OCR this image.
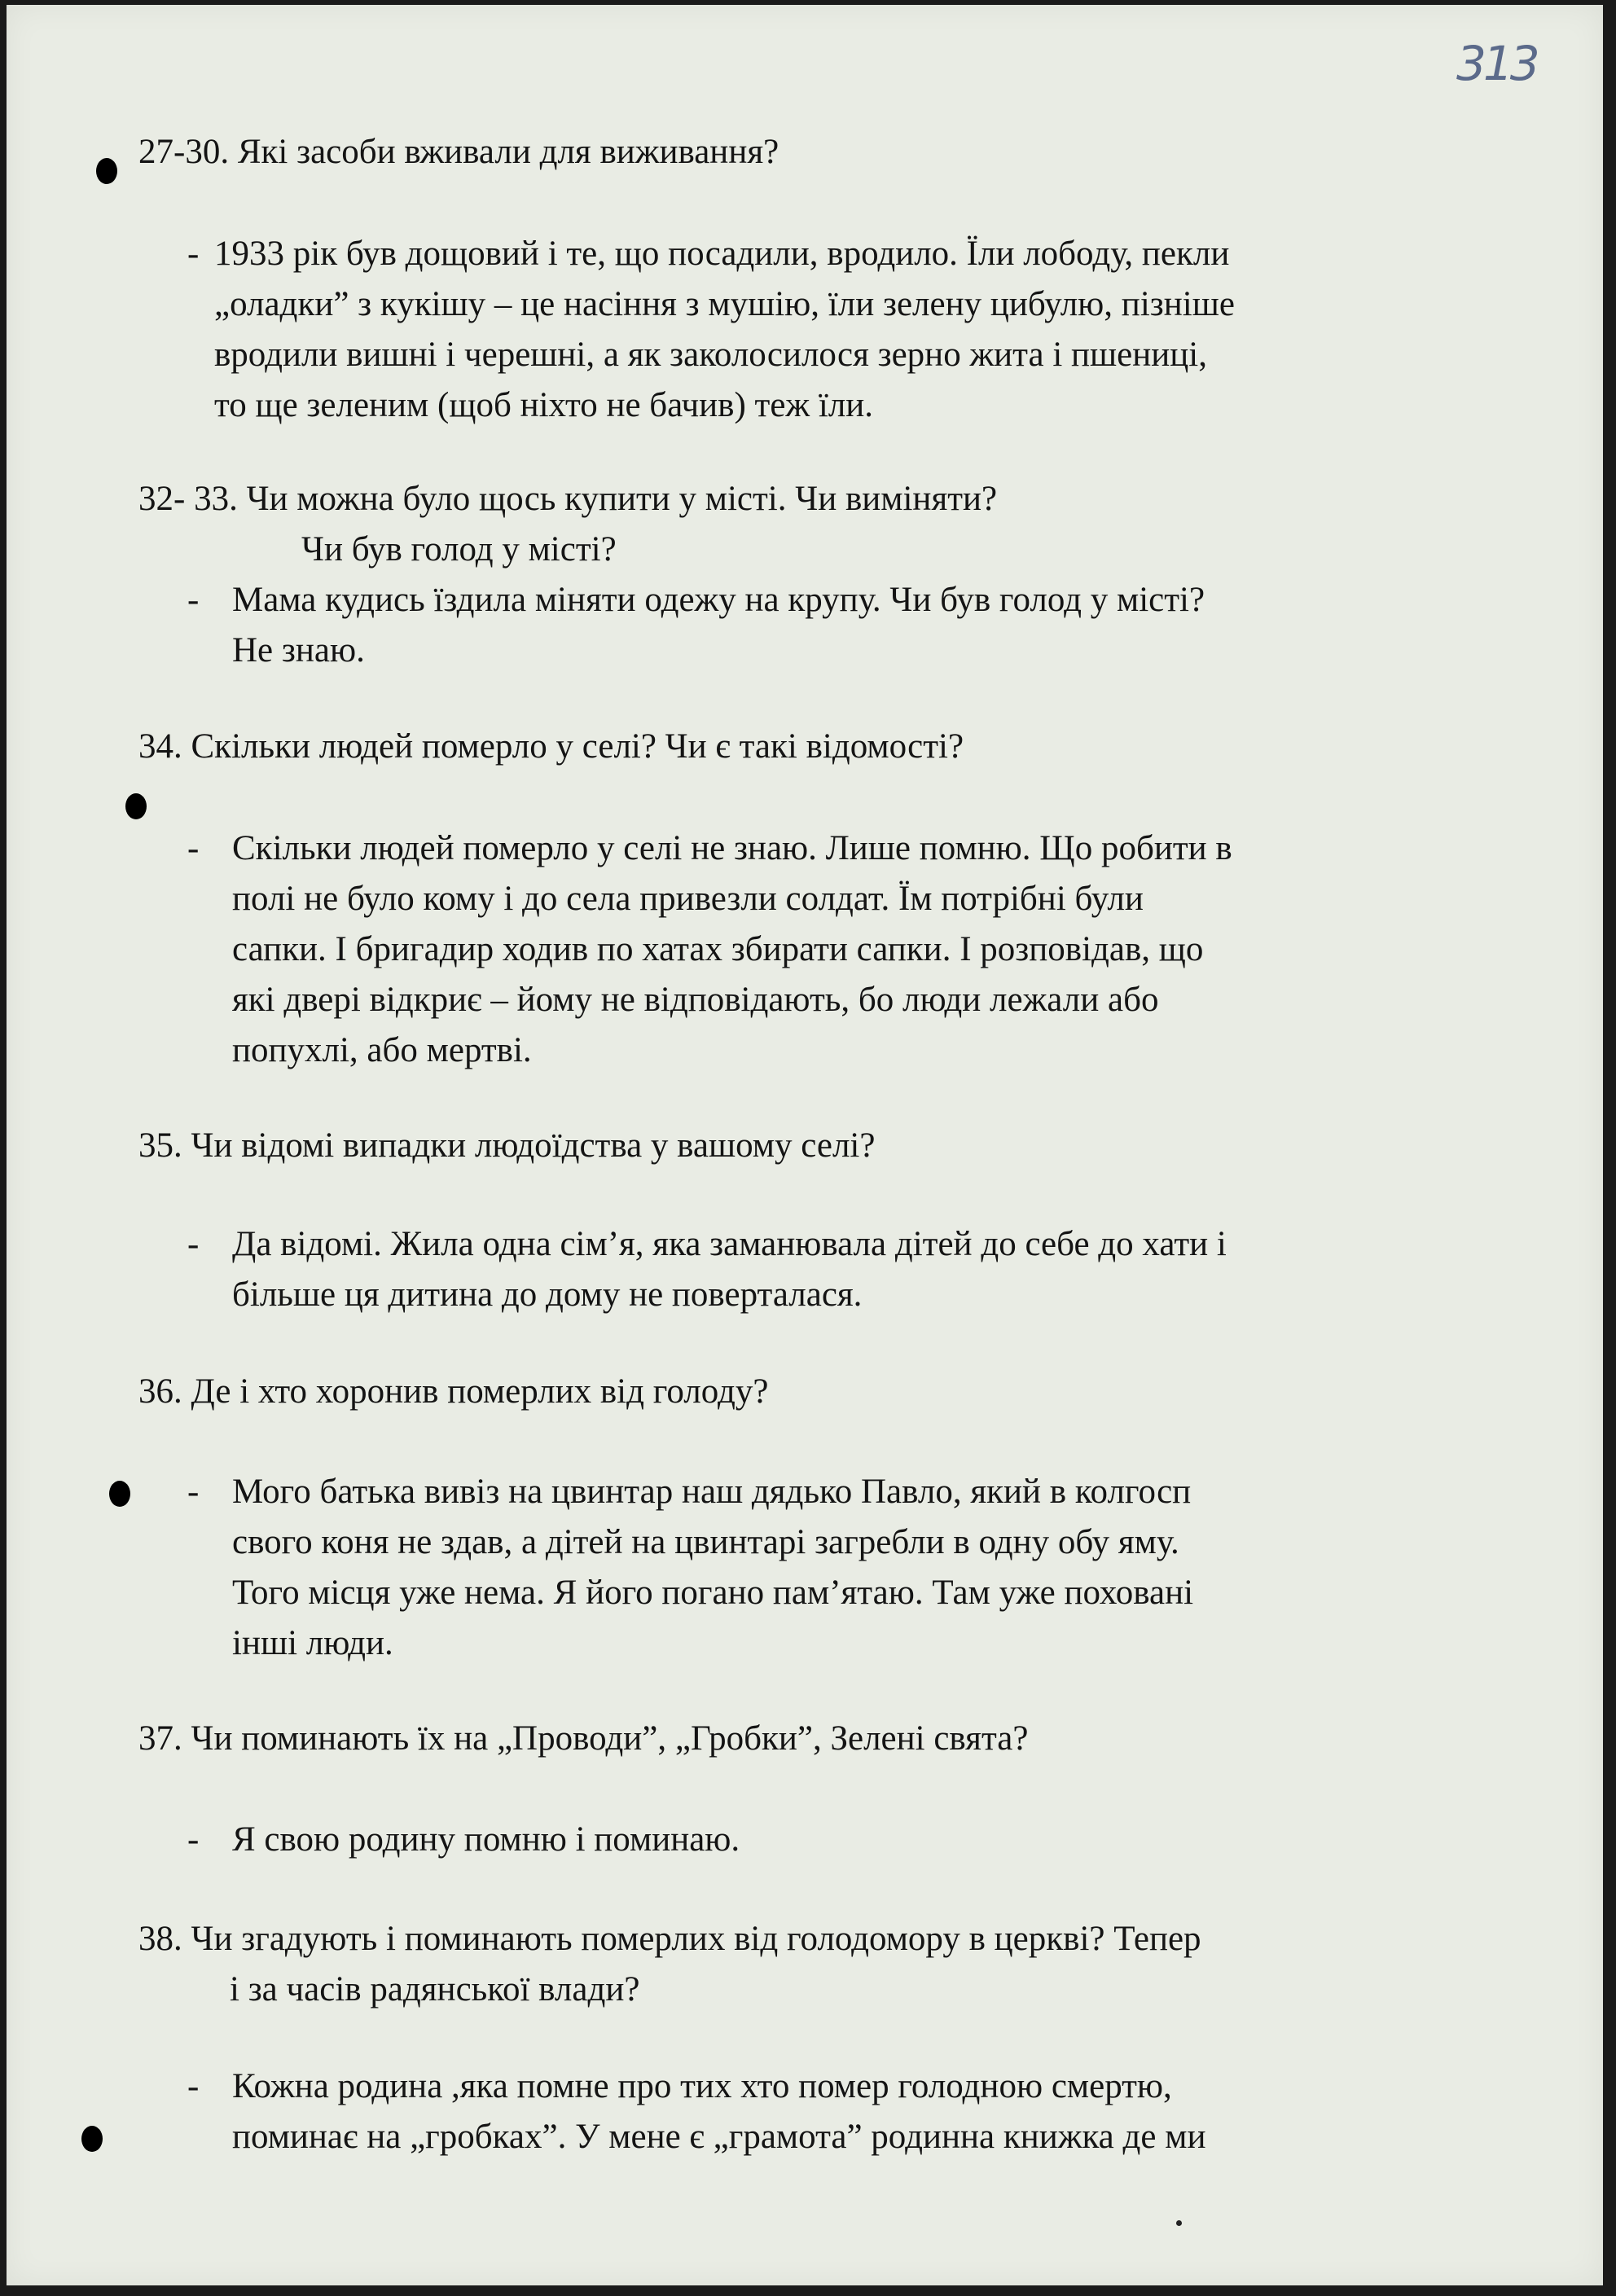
313
27-30. Які засоби вживали для виживання?
- 1933 рік був дощовий і те, що посадили, вродило. Їли лободу, пекли
„оладки” з кукішу – це насіння з мушію, їли зелену цибулю, пізніше
вродили вишні і черешні, а як заколосилося зерно жита і пшениці,
то ще зеленим (щоб ніхто не бачив) теж їли.
32- 33. Чи можна було щось купити у місті. Чи виміняти?
Чи був голод у місті?
- Мама кудись їздила міняти одежу на крупу. Чи був голод у місті?
Не знаю.
34. Скільки людей померло у селі? Чи є такі відомості?
- Скільки людей померло у селі не знаю. Лише помню. Що робити в
полі не було кому і до села привезли солдат. Їм потрібні були
сапки. І бригадир ходив по хатах збирати сапки. І розповідав, що
які двері відкриє – йому не відповідають, бо люди лежали або
попухлі, або мертві.
35. Чи відомі випадки людоїдства у вашому селі?
- Да відомі. Жила одна сім’я, яка заманювала дітей до себе до хати і
більше ця дитина до дому не поверталася.
36. Де і хто хоронив померлих від голоду?
- Мого батька вивіз на цвинтар наш дядько Павло, який в колгосп
свого коня не здав, а дітей на цвинтарі загребли в одну обу яму.
Того місця уже нема. Я його погано пам’ятаю. Там уже поховані
інші люди.
37. Чи поминають їх на „Проводи”, „Гробки”, Зелені свята?
- Я свою родину помню і поминаю.
38. Чи згадують і поминають померлих від голодомору в церкві? Тепер
і за часів радянської влади?
- Кожна родина ,яка помне про тих хто помер голодною смертю,
поминає на „гробках”. У мене є „грамота” родинна книжка де ми
